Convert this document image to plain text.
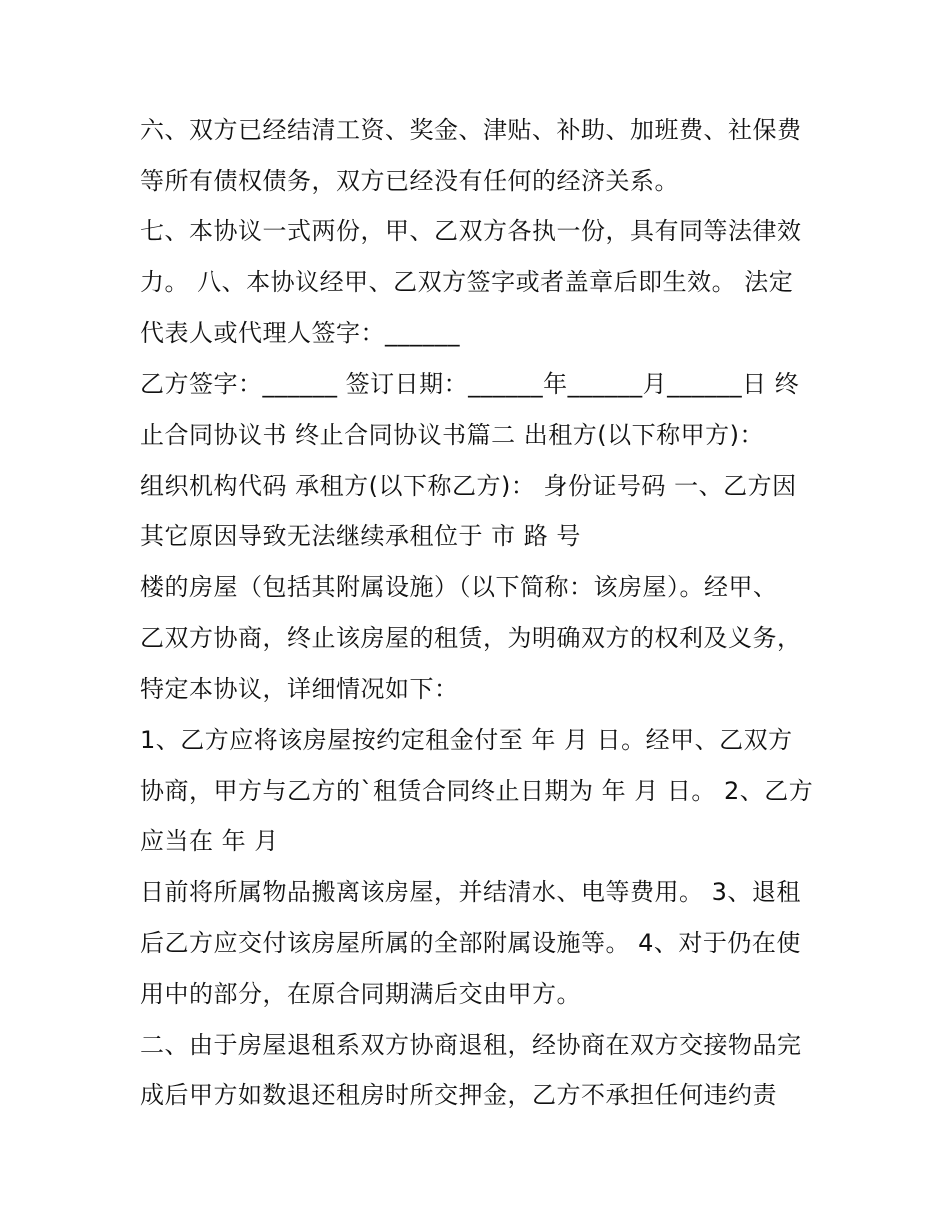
六、双方已经结清工资、奖金、津贴、补助、加班费、社保费
等所有债权债务，双方已经没有任何的经济关系。
七、本协议一式两份，甲、乙双方各执一份，具有同等法律效
力。 八、本协议经甲、乙双方签字或者盖章后即生效。 法定
代表人或代理人签字：______
乙方签字：______ 签订日期：______年______月______日 终
止合同协议书 终止合同协议书篇二 出租方(以下称甲方)：
组织机构代码 承租方(以下称乙方)： 身份证号码 一、乙方因
其它原因导致无法继续承租位于 市 路 号
楼的房屋（包括其附属设施）（以下简称：该房屋）。经甲、
乙双方协商，终止该房屋的租赁，为明确双方的权利及义务，
特定本协议，详细情况如下：
1、乙方应将该房屋按约定租金付至 年 月 日。经甲、乙双方
协商，甲方与乙方的`租赁合同终止日期为 年 月 日。 2、乙方
应当在 年 月
日前将所属物品搬离该房屋，并结清水、电等费用。 3、退租
后乙方应交付该房屋所属的全部附属设施等。 4、对于仍在使
用中的部分，在原合同期满后交由甲方。
二、由于房屋退租系双方协商退租，经协商在双方交接物品完
成后甲方如数退还租房时所交押金，乙方不承担任何违约责
